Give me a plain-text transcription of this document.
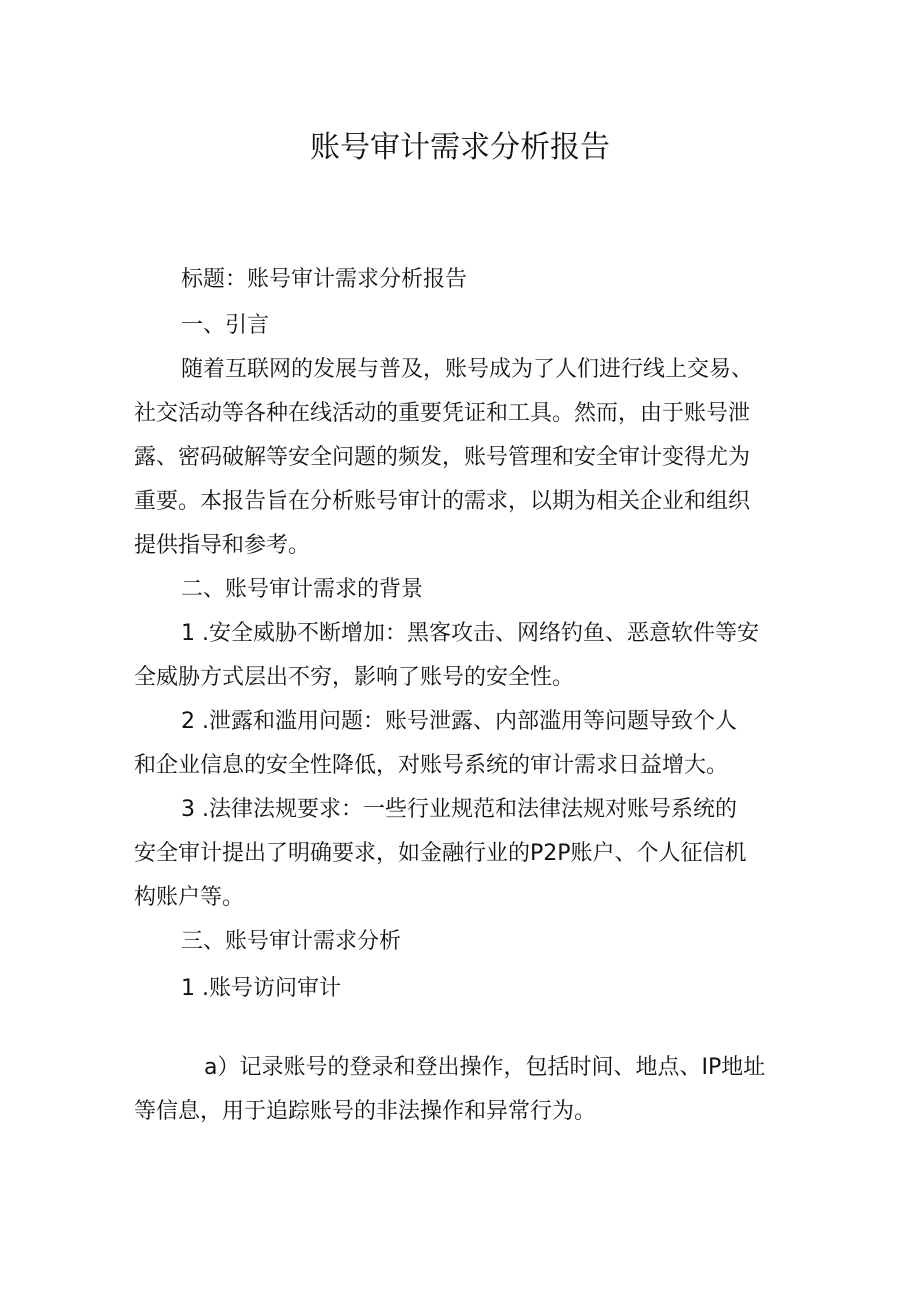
账号审计需求分析报告
标题：账号审计需求分析报告
一、引言
随着互联网的发展与普及，账号成为了人们进行线上交易、
社交活动等各种在线活动的重要凭证和工具。然而，由于账号泄
露、密码破解等安全问题的频发，账号管理和安全审计变得尤为
重要。本报告旨在分析账号审计的需求，以期为相关企业和组织
提供指导和参考。
二、账号审计需求的背景
1 .安全威胁不断增加：黑客攻击、网络钓鱼、恶意软件等安
全威胁方式层出不穷，影响了账号的安全性。
2 .泄露和滥用问题：账号泄露、内部滥用等问题导致个人
和企业信息的安全性降低，对账号系统的审计需求日益增大。
3 .法律法规要求：一些行业规范和法律法规对账号系统的
安全审计提出了明确要求，如金融行业的P2P账户、个人征信机
构账户等。
三、账号审计需求分析
1 .账号访问审计
a）记录账号的登录和登出操作，包括时间、地点、IP地址
等信息，用于追踪账号的非法操作和异常行为。
